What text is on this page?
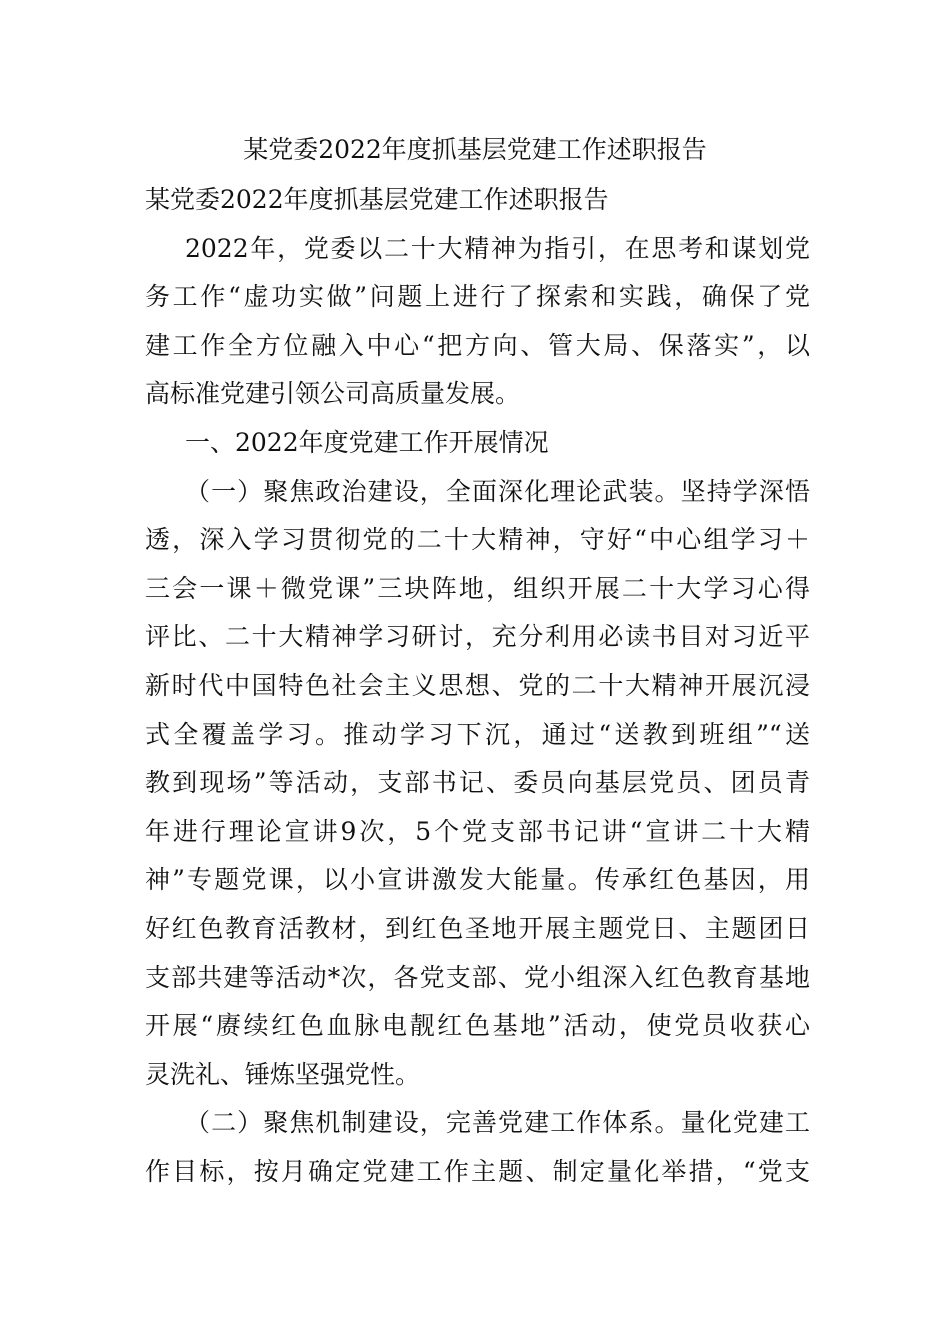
某党委2022年度抓基层党建工作述职报告
某党委2022年度抓基层党建工作述职报告
2022年，党委以二十大精神为指引，在思考和谋划党
务工作“虚功实做”问题上进行了探索和实践，确保了党
建工作全方位融入中心“把方向、管大局、保落实”，以
高标准党建引领公司高质量发展。
一、2022年度党建工作开展情况
（一）聚焦政治建设，全面深化理论武装。坚持学深悟
透，深入学习贯彻党的二十大精神，守好“中心组学习＋
三会一课＋微党课”三块阵地，组织开展二十大学习心得
评比、二十大精神学习研讨，充分利用必读书目对习近平
新时代中国特色社会主义思想、党的二十大精神开展沉浸
式全覆盖学习。推动学习下沉，通过“送教到班组”“送
教到现场”等活动，支部书记、委员向基层党员、团员青
年进行理论宣讲9次，5个党支部书记讲“宣讲二十大精
神”专题党课，以小宣讲激发大能量。传承红色基因，用
好红色教育活教材，到红色圣地开展主题党日、主题团日
支部共建等活动*次，各党支部、党小组深入红色教育基地
开展“赓续红色血脉电靓红色基地”活动，使党员收获心
灵洗礼、锤炼坚强党性。
（二）聚焦机制建设，完善党建工作体系。量化党建工
作目标，按月确定党建工作主题、制定量化举措，“党支
